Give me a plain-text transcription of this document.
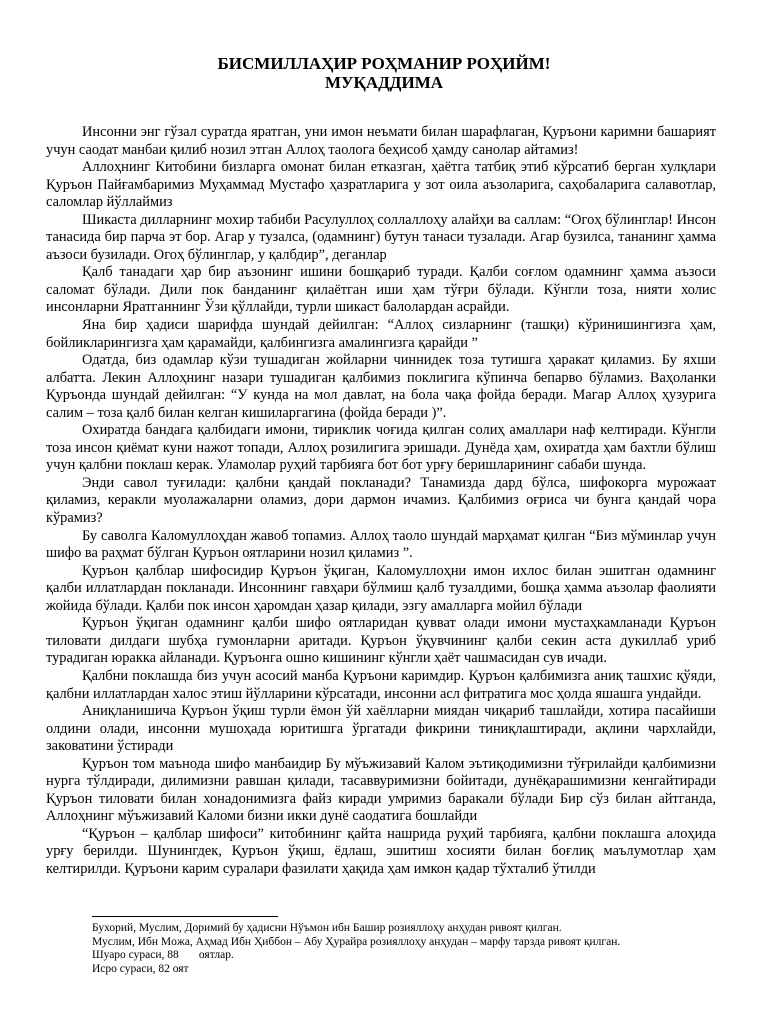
БИСМИЛЛАҲИР РОҲМАНИР РОҲИЙМ!
МУҚАДДИМА

Инсонни энг гўзал суратда яратган, уни имон неъмати билан шарафлаган, Қуръони каримни башарият учун саодат манбаи қилиб нозил этган Аллоҳ таологa беҳисоб ҳамду санолар айтамиз!

Аллоҳнинг Китобини бизларга омонат билан етказган, ҳаётга татбиқ этиб кўрсатиб берган хулқлари Қуръон Пайғамбаримиз Муҳаммад Мустафо ҳазратларига у зот оила аъзоларига, саҳобаларига салавотлар, саломлар йўллаймиз

Шикаста дилларнинг мохир табиби Расулуллоҳ соллаллоҳу алайҳи ва саллам: “Огоҳ бўлинглар! Инсон танасида бир парча эт бор. Агар у тузалса, (одамнинг) бутун танаси тузалади. Агар бузилса, тананинг ҳамма аъзоси бузилади. Огоҳ бўлинглар, у қалбдир”, деганлар

Қалб танадаги ҳар бир аъзонинг ишини бошқариб туради. Қалби соғлом одамнинг ҳамма аъзоси саломат бўлади. Дили пок банданинг қилаётган иши ҳам тўғри бўлади. Кўнгли тоза, нияти холис инсонларни Яратганнинг Ўзи қўллайди, турли шикаст балолардан асрайди.

Яна бир ҳадиси шарифда шундай дейилган: “Аллоҳ сизларнинг (ташқи) кўринишингизга ҳам, бойликларингизга ҳам қарамайди, қалбингизга амалингизга қарайди ”

Одатда, биз одамлар кўзи тушадиган жойларни чиннидек тоза тутишга ҳаракат қиламиз. Бу яхши албатта. Лекин Аллоҳнинг назари тушадиган қалбимиз поклигига кўпинча бепарво бўламиз. Ваҳоланки Қуръонда шундай дейилган: “У кунда на мол давлат, на бола чақа фойда беради. Магар Аллоҳ ҳузурига салим – тоза қалб билан келган кишиларгагина (фойда беради )”.

Охиратда бандага қалбидаги имони, тириклик чоғида қилган солиҳ амаллари наф келтиради. Кўнгли тоза инсон қиёмат куни нажот топади, Аллоҳ розилигига эришади. Дунёда ҳам, охиратда ҳам бахтли бўлиш учун қалбни поклаш керак. Уламолар руҳий тарбияга бот бот урғу беришларининг сабаби шунда.

Энди савол туғилади: қалбни қандай покланади? Танамизда дард бўлса, шифокорга мурожаат қиламиз, керакли муолажаларни оламиз, дори дармон ичамиз. Қалбимиз оғриса чи бунга қандай чора кўрамиз?

Бу саволга Каломуллоҳдан жавоб топамиз. Аллоҳ таоло шундай марҳамат қилган “Биз мўминлар учун шифо ва раҳмат бўлган Қуръон оятларини нозил қиламиз ”.

Қуръон қалблар шифосидир Қуръон ўқиган, Каломуллоҳни имон ихлос билан эшитган одамнинг қалби иллатлардан покланади. Инсоннинг гавҳари бўлмиш қалб тузалдими, бошқа ҳамма аъзолар фаолияти жойида бўлади. Қалби пок инсон ҳаромдан ҳазар қилади, эзгу амалларга мойил бўлади

Қуръон ўқиган одамнинг қалби шифо оятларидан қувват олади имони мустаҳкамланади Қуръон тиловати дилдаги шубҳа гумонларни аритади. Қуръон ўқувчининг қалби секин аста дукиллаб уриб турадиган юракка айланади. Қуръонга ошно кишининг кўнгли ҳаёт чашмасидан сув ичади.

Қалбни поклашда биз учун асосий манба Қуръони каримдир. Қуръон қалбимизга аниқ ташхис қўяди, қалбни иллатлардан халос этиш йўлларини кўрсатади, инсонни асл фитратига мос ҳолда яшашга ундайди.

Аниқланишича Қуръон ўқиш турли ёмон ўй хаёлларни миядан чиқариб ташлайди, хотира пасайиши олдини олади, инсонни мушоҳада юритишга ўргатади фикрини тиниқлаштиради, ақлини чархлайди, заковатини ўстиради

Қуръон том маънода шифо манбаидир Бу мўъжизавий Калом эътиқодимизни тўғрилайди қалбимизни нурга тўлдиради, дилимизни равшан қилади, тасаввуримизни бойитади, дунёқарашимизни кенгайтиради Қуръон тиловати билан хонадонимизга файз киради умримиз баракали бўлади Бир сўз билан айтганда, Аллоҳнинг мўъжизавий Каломи бизни икки дунё саодатига бошлайди

“Қуръон – қалблар шифоси” китобининг қайта нашрида руҳий тарбияга, қалбни поклашга алоҳида урғу берилди. Шунингдек, Қуръон ўқиш, ёдлаш, эшитиш хосияти билан боғлиқ маълумотлар ҳам келтирилди. Қуръони карим суралари фазилати ҳақида ҳам имкон қадар тўхталиб ўтилди

Бухорий, Муслим, Доримий бу ҳадисни Нўъмон ибн Башир розияллоҳу анҳудан ривоят қилган.

Муслим, Ибн Мoжа, Аҳмад Ибн Ҳиббон – Абу Ҳурайра розияллоҳу анҳудан – марфу тарзда ривоят қилган.

Шуаро сураси, 88       оятлар.

Исро сураси, 82 оят
